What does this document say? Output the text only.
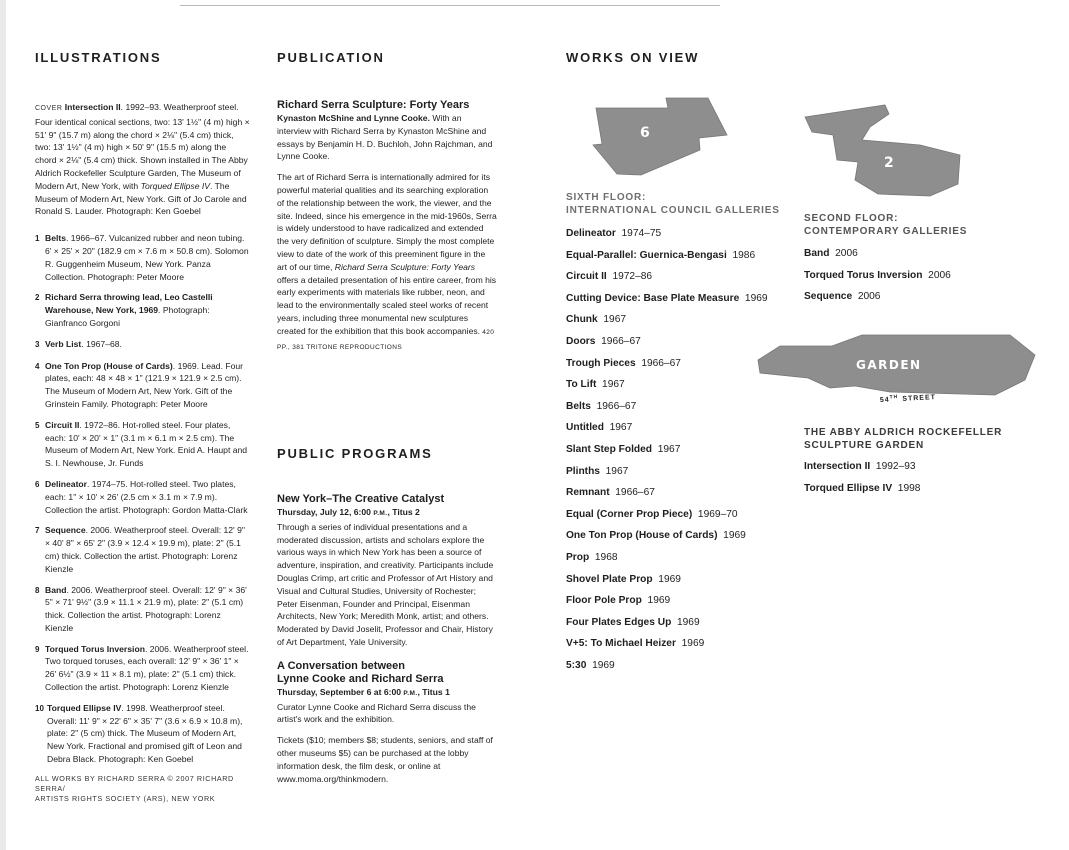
ILLUSTRATIONS
COVER Intersection II. 1992–93. Weatherproof steel. Four identical conical sections, two: 13' 1½" (4 m) high × 51' 9" (15.7 m) along the chord × 2⅛" (5.4 cm) thick, two: 13' 1½" (4 m) high × 50' 9" (15.5 m) along the chord × 2⅛" (5.4 cm) thick. Shown installed in The Abby Aldrich Rockefeller Sculpture Garden, The Museum of Modern Art, New York, with Torqued Ellipse IV. The Museum of Modern Art, New York. Gift of Jo Carole and Ronald S. Lauder. Photograph: Ken Goebel
1 Belts. 1966–67. Vulcanized rubber and neon tubing. 6' × 25' × 20" (182.9 cm × 7.6 m × 50.8 cm). Solomon R. Guggenheim Museum, New York. Panza Collection. Photograph: Peter Moore
2 Richard Serra throwing lead, Leo Castelli Warehouse, New York, 1969. Photograph: Gianfranco Gorgoni
3 Verb List. 1967–68.
4 One Ton Prop (House of Cards). 1969. Lead. Four plates, each: 48 × 48 × 1" (121.9 × 121.9 × 2.5 cm). The Museum of Modern Art, New York. Gift of the Grinstein Family. Photograph: Peter Moore
5 Circuit II. 1972–86. Hot-rolled steel. Four plates, each: 10' × 20' × 1" (3.1 m × 6.1 m × 2.5 cm). The Museum of Modern Art, New York. Enid A. Haupt and S. I. Newhouse, Jr. Funds
6 Delineator. 1974–75. Hot-rolled steel. Two plates, each: 1" × 10' × 26' (2.5 cm × 3.1 m × 7.9 m). Collection the artist. Photograph: Gordon Matta-Clark
7 Sequence. 2006. Weatherproof steel. Overall: 12' 9" × 40' 8" × 65' 2" (3.9 × 12.4 × 19.9 m), plate: 2" (5.1 cm) thick. Collection the artist. Photograph: Lorenz Kienzle
8 Band. 2006. Weatherproof steel. Overall: 12' 9" × 36' 5" × 71' 9½" (3.9 × 11.1 × 21.9 m), plate: 2" (5.1 cm) thick. Collection the artist. Photograph: Lorenz Kienzle
9 Torqued Torus Inversion. 2006. Weatherproof steel. Two torqued toruses, each overall: 12' 9" × 36' 1" × 26' 6½" (3.9 × 11 × 8.1 m), plate: 2" (5.1 cm) thick. Collection the artist. Photograph: Lorenz Kienzle
10 Torqued Ellipse IV. 1998. Weatherproof steel. Overall: 11' 9" × 22' 6" × 35' 7" (3.6 × 6.9 × 10.8 m), plate: 2" (5 cm) thick. The Museum of Modern Art, New York. Fractional and promised gift of Leon and Debra Black. Photograph: Ken Goebel
ALL WORKS BY RICHARD SERRA © 2007 RICHARD SERRA/
ARTISTS RIGHTS SOCIETY (ARS), NEW YORK
PUBLICATION
Richard Serra Sculpture: Forty Years
Kynaston McShine and Lynne Cooke. With an interview with Richard Serra by Kynaston McShine and essays by Benjamin H. D. Buchloh, John Rajchman, and Lynne Cooke.
The art of Richard Serra is internationally admired for its powerful material qualities and its searching exploration of the relationship between the work, the viewer, and the site. Indeed, since his emergence in the mid-1960s, Serra is widely understood to have radicalized and extended the very definition of sculpture. Simply the most complete view to date of the work of this preeminent figure in the art of our time, Richard Serra Sculpture: Forty Years offers a detailed presentation of his entire career, from his early experiments with materials like rubber, neon, and lead to the environmentally scaled steel works of recent years, including three monumental new sculptures created for the exhibition that this book accompanies. 420 PP., 381 TRITONE REPRODUCTIONS
PUBLIC PROGRAMS
New York–The Creative Catalyst
Thursday, July 12, 6:00 P.M., Titus 2
Through a series of individual presentations and a moderated discussion, artists and scholars explore the various ways in which New York has been a source of adventure, inspiration, and creativity. Participants include Douglas Crimp, art critic and Professor of Art History and Visual and Cultural Studies, University of Rochester; Peter Eisenman, Founder and Principal, Eisenman Architects, New York; Meredith Monk, artist; and others. Moderated by David Joselit, Professor and Chair, History of Art Department, Yale University.
A Conversation between
Lynne Cooke and Richard Serra
Thursday, September 6 at 6:00 P.M., Titus 1
Curator Lynne Cooke and Richard Serra discuss the artist's work and the exhibition.
Tickets ($10; members $8; students, seniors, and staff of other museums $5) can be purchased at the lobby information desk, the film desk, or online at www.moma.org/thinkmodern.
WORKS ON VIEW
6
2
GARDEN
54TH STREET
SIXTH FLOOR:
INTERNATIONAL COUNCIL GALLERIES
Delineator 1974–75
Equal-Parallel: Guernica-Bengasi 1986
Circuit II 1972–86
Cutting Device: Base Plate Measure 1969
Chunk 1967
Doors 1966–67
Trough Pieces 1966–67
To Lift 1967
Belts 1966–67
Untitled 1967
Slant Step Folded 1967
Plinths 1967
Remnant 1966–67
Equal (Corner Prop Piece) 1969–70
One Ton Prop (House of Cards) 1969
Prop 1968
Shovel Plate Prop 1969
Floor Pole Prop 1969
Four Plates Edges Up 1969
V+5: To Michael Heizer 1969
5:30 1969
SECOND FLOOR:
CONTEMPORARY GALLERIES
Band 2006
Torqued Torus Inversion 2006
Sequence 2006
THE ABBY ALDRICH ROCKEFELLER
SCULPTURE GARDEN
Intersection II 1992–93
Torqued Ellipse IV 1998
